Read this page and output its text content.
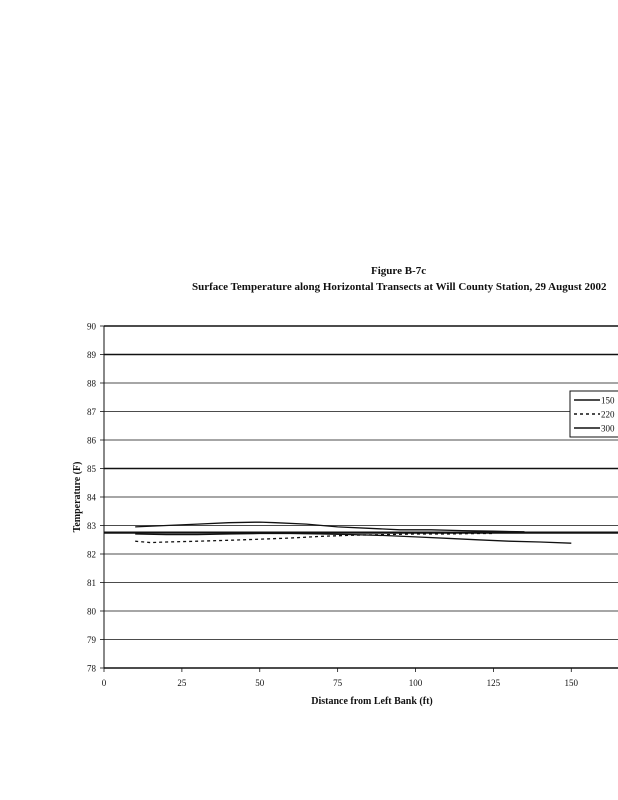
Figure B-7c
Surface Temperature along Horizontal Transects at Will County Station, 29 August 2002
78
79
80
81
82
83
84
85
86
87
88
89
90
0	25	50	75	100	125	150
150
220
300
Distance from Left Bank (ft)
Temperature (F)
